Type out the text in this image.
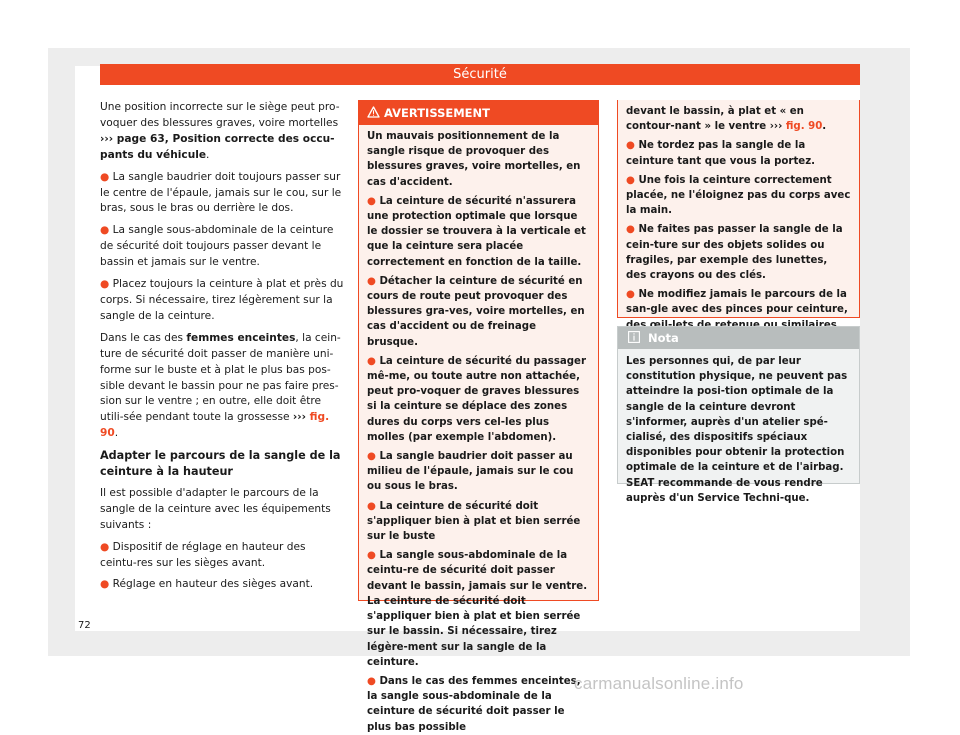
Sécurité

Une position incorrecte sur le siège peut pro-voquer des blessures graves, voire mortelles ››› page 63, Position correcte des occu-pants du véhicule.

● La sangle baudrier doit toujours passer sur le centre de l'épaule, jamais sur le cou, sur le bras, sous le bras ou derrière le dos.
● La sangle sous-abdominale de la ceinture de sécurité doit toujours passer devant le bassin et jamais sur le ventre.
● Placez toujours la ceinture à plat et près du corps. Si nécessaire, tirez légèrement sur la sangle de la ceinture.

Dans le cas des femmes enceintes, la cein-ture de sécurité doit passer de manière uni-forme sur le buste et à plat le plus bas pos-sible devant le bassin pour ne pas faire pres-sion sur le ventre ; en outre, elle doit être utili-sée pendant toute la grossesse ››› fig. 90.

Adapter le parcours de la sangle de la ceinture à la hauteur

Il est possible d'adapter le parcours de la sangle de la ceinture avec les équipements suivants :

● Dispositif de réglage en hauteur des ceintu-res sur les sièges avant.
● Réglage en hauteur des sièges avant.
AVERTISSEMENT

Un mauvais positionnement de la sangle risque de provoquer des blessures graves, voire mortelles, en cas d'accident.

● La ceinture de sécurité n'assurera une protection optimale que lorsque le dossier se trouvera à la verticale et que la ceinture sera placée correctement en fonction de la taille.

● Détacher la ceinture de sécurité en cours de route peut provoquer des blessures gra-ves, voire mortelles, en cas d'accident ou de freinage brusque.

● La ceinture de sécurité du passager mê-me, ou toute autre non attachée, peut pro-voquer de graves blessures si la ceinture se déplace des zones dures du corps vers cel-les plus molles (par exemple l'abdomen).

● La sangle baudrier doit passer au milieu de l'épaule, jamais sur le cou ou sous le bras.

● La ceinture de sécurité doit s'appliquer bien à plat et bien serrée sur le buste

● La sangle sous-abdominale de la ceintu-re de sécurité doit passer devant le bassin, jamais sur le ventre. La ceinture de sécurité doit s'appliquer bien à plat et bien serrée sur le bassin. Si nécessaire, tirez légère-ment sur la sangle de la ceinture.

● Dans le cas des femmes enceintes, la sangle sous-abdominale de la ceinture de sécurité doit passer le plus bas possible

devant le bassin, à plat et « en contour-nant » le ventre ››› fig. 90.

● Ne tordez pas la sangle de la ceinture tant que vous la portez.

● Une fois la ceinture correctement placée, ne l'éloignez pas du corps avec la main.

● Ne faites pas passer la sangle de la cein-ture sur des objets solides ou fragiles, par exemple des lunettes, des crayons ou des clés.

● Ne modifiez jamais le parcours de la san-gle avec des pinces pour ceinture,

Nota
Les personnes qui, de par leur constitution physique, ne peuvent pas atteindre la posi-tion optimale de la sangle de la ceinture devront s'informer, auprès d'un atelier spé-cialisé, des dispositifs spéciaux disponibles pour obtenir la protection optimale de la ceinture et de l'airbag. SEAT recommande de vous rendre auprès d'un Service Techni-que.
72
carmanualsonline.info
